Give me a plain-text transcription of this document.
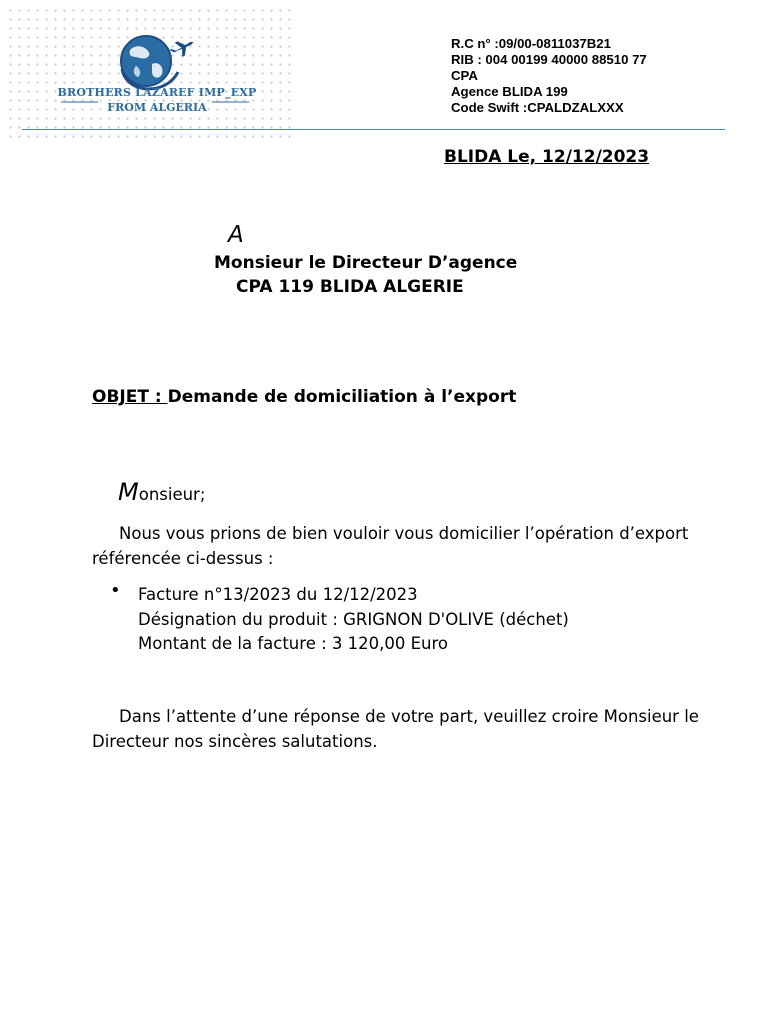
BROTHERS LAZAREF IMP_EXP
FROM ALGERIA
R.C n° :09/00-0811037B21
RIB : 004 00199 40000 88510 77
CPA
Agence BLIDA 199
Code Swift :CPALDZALXXX
BLIDA Le, 12/12/2023
A
Monsieur le Directeur D’agence
CPA 119 BLIDA ALGERIE
OBJET : Demande de domiciliation à l’export
Monsieur;
Nous vous prions de bien vouloir vous domicilier l’opération d’export référencée ci-dessus :
• Facture n°13/2023 du 12/12/2023
Désignation du produit : GRIGNON D'OLIVE (déchet)
Montant de la facture : 3 120,00 Euro
Dans l’attente d’une réponse de votre part, veuillez croire Monsieur le Directeur nos sincères salutations.
